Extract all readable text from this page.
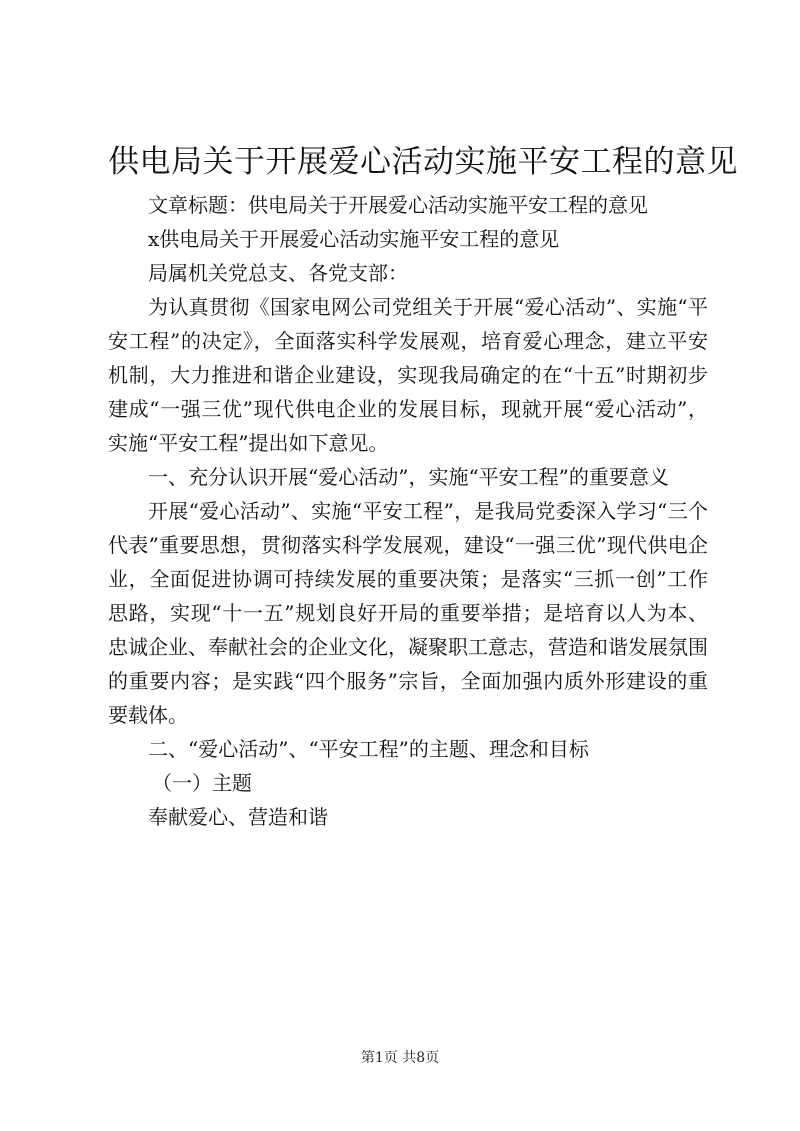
供电局关于开展爱心活动实施平安工程的意见

文章标题：供电局关于开展爱心活动实施平安工程的意见

x供电局关于开展爱心活动实施平安工程的意见

局属机关党总支、各党支部：

为认真贯彻《国家电网公司党组关于开展“爱心活动”、实施“平安工程”的决定》，全面落实科学发展观，培育爱心理念，建立平安机制，大力推进和谐企业建设，实现我局确定的在“十五”时期初步建成“一强三优”现代供电企业的发展目标，现就开展“爱心活动”，实施“平安工程”提出如下意见。

一、充分认识开展“爱心活动”，实施“平安工程”的重要意义

开展“爱心活动”、实施“平安工程”，是我局党委深入学习“三个代表”重要思想，贯彻落实科学发展观，建设“一强三优”现代供电企业，全面促进协调可持续发展的重要决策；是落实“三抓一创”工作思路，实现“十一五”规划良好开局的重要举措；是培育以人为本、忠诚企业、奉献社会的企业文化，凝聚职工意志，营造和谐发展氛围的重要内容；是实践“四个服务”宗旨，全面加强内质外形建设的重要载体。

二、“爱心活动”、“平安工程”的主题、理念和目标

（一）主题

奉献爱心、营造和谐

第1页 共8页
